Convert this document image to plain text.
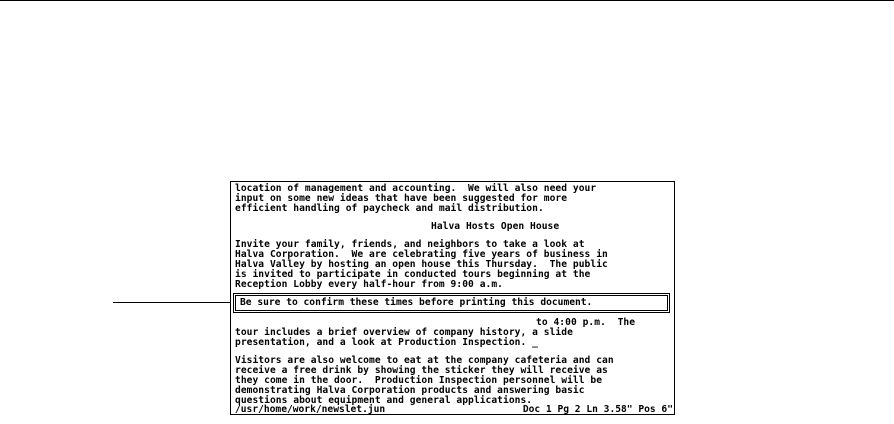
location of management and accounting.  We will also need your
input on some new ideas that have been suggested for more
efficient handling of paycheck and mail distribution.
Halva Hosts Open House
Invite your family, friends, and neighbors to take a look at
Halva Corporation.  We are celebrating five years of business in
Halva Valley by hosting an open house this Thursday.  The public
is invited to participate in conducted tours beginning at the
Reception Lobby every half-hour from 9:00 a.m.
Be sure to confirm these times before printing this document.
to 4:00 p.m.  The
tour includes a brief overview of company history, a slide
presentation, and a look at Production Inspection. _
Visitors are also welcome to eat at the company cafeteria and can
receive a free drink by showing the sticker they will receive as
they come in the door.  Production Inspection personnel will be
demonstrating Halva Corporation products and answering basic
questions about equipment and general applications.
/usr/home/work/newslet.jun	Doc 1 Pg 2 Ln 3.58" Pos 6"
